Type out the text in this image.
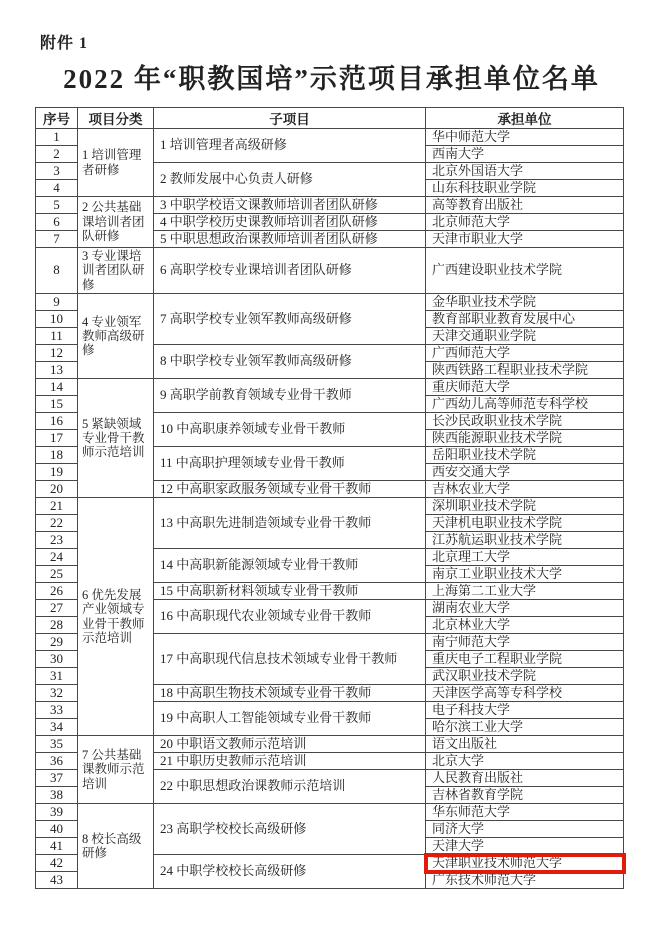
附件 1
2022 年“职教国培”示范项目承担单位名单
序号	项目分类	子项目	承担单位
1	1 培训管理者研修	1 培训管理者高级研修	华中师范大学
2			西南大学
3		2 教师发展中心负责人研修	北京外国语大学
4			山东科技职业学院
5	2 公共基础课培训者团队研修	3 中职学校语文课教师培训者团队研修	高等教育出版社
6		4 中职学校历史课教师培训者团队研修	北京师范大学
7		5 中职思想政治课教师培训者团队研修	天津市职业大学
8	3 专业课培训者团队研修	6 高职学校专业课培训者团队研修	广西建设职业技术学院
9	4 专业领军教师高级研修	7 高职学校专业领军教师高级研修	金华职业技术学院
10			教育部职业教育发展中心
11			天津交通职业学院
12		8 中职学校专业领军教师高级研修	广西师范大学
13			陕西铁路工程职业技术学院
14	5 紧缺领域专业骨干教师示范培训	9 高职学前教育领域专业骨干教师	重庆师范大学
15			广西幼儿高等师范专科学校
16		10 中高职康养领域专业骨干教师	长沙民政职业技术学院
17			陕西能源职业技术学院
18		11 中高职护理领域专业骨干教师	岳阳职业技术学院
19			西安交通大学
20		12 中高职家政服务领域专业骨干教师	吉林农业大学
21	6 优先发展产业领域专业骨干教师示范培训	13 中高职先进制造领域专业骨干教师	深圳职业技术学院
22			天津机电职业技术学院
23			江苏航运职业技术学院
24		14 中高职新能源领域专业骨干教师	北京理工大学
25			南京工业职业技术大学
26		15 中高职新材料领域专业骨干教师	上海第二工业大学
27		16 中高职现代农业领域专业骨干教师	湖南农业大学
28			北京林业大学
29		17 中高职现代信息技术领域专业骨干教师	南宁师范大学
30			重庆电子工程职业学院
31			武汉职业技术学院
32		18 中高职生物技术领域专业骨干教师	天津医学高等专科学校
33		19 中高职人工智能领域专业骨干教师	电子科技大学
34			哈尔滨工业大学
35	7 公共基础课教师示范培训	20 中职语文教师示范培训	语文出版社
36		21 中职历史教师示范培训	北京大学
37		22 中职思想政治课教师示范培训	人民教育出版社
38			吉林省教育学院
39	8 校长高级研修	23 高职学校校长高级研修	华东师范大学
40			同济大学
41			天津大学
42		24 中职学校校长高级研修	天津职业技术师范大学
43			广东技术师范大学
